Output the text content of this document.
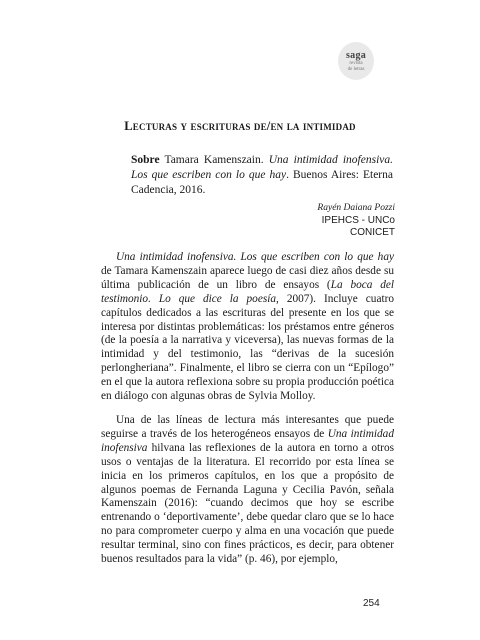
saga
revista
de letras
Lecturas y escrituras de/en la intimidad
Sobre Tamara Kamenszain. Una intimidad inofensiva. Los que escriben con lo que hay. Buenos Aires: Eterna Cadencia, 2016.
Rayén Daiana Pozzi
IPEHCS - UNCo
CONICET

Una intimidad inofensiva. Los que escriben con lo que hay de Tamara Kamenszain aparece luego de casi diez años desde su última publicación de un libro de ensayos (La boca del testimonio. Lo que dice la poesía, 2007). Incluye cuatro capítulos dedicados a las escrituras del presente en los que se interesa por distintas problemáticas: los préstamos entre géneros (de la poesía a la narrativa y viceversa), las nuevas formas de la intimidad y del testimonio, las “derivas de la sucesión perlongheriana”. Finalmente, el libro se cierra con un “Epílogo” en el que la autora reflexiona sobre su propia producción poética en diálogo con algunas obras de Sylvia Molloy.

Una de las líneas de lectura más interesantes que puede seguirse a través de los heterogéneos ensayos de Una intimidad inofensiva hilvana las reflexiones de la autora en torno a otros usos o ventajas de la literatura. El recorrido por esta línea se inicia en los primeros capítulos, en los que a propósito de algunos poemas de Fernanda Laguna y Cecilia Pavón, señala Kamenszain (2016): “cuando decimos que hoy se escribe entrenando o ‘deportivamente’, debe quedar claro que se lo hace no para comprometer cuerpo y alma en una vocación que puede resultar terminal, sino con fines prácticos, es decir, para obtener buenos resultados para la vida” (p. 46), por ejemplo,

254
